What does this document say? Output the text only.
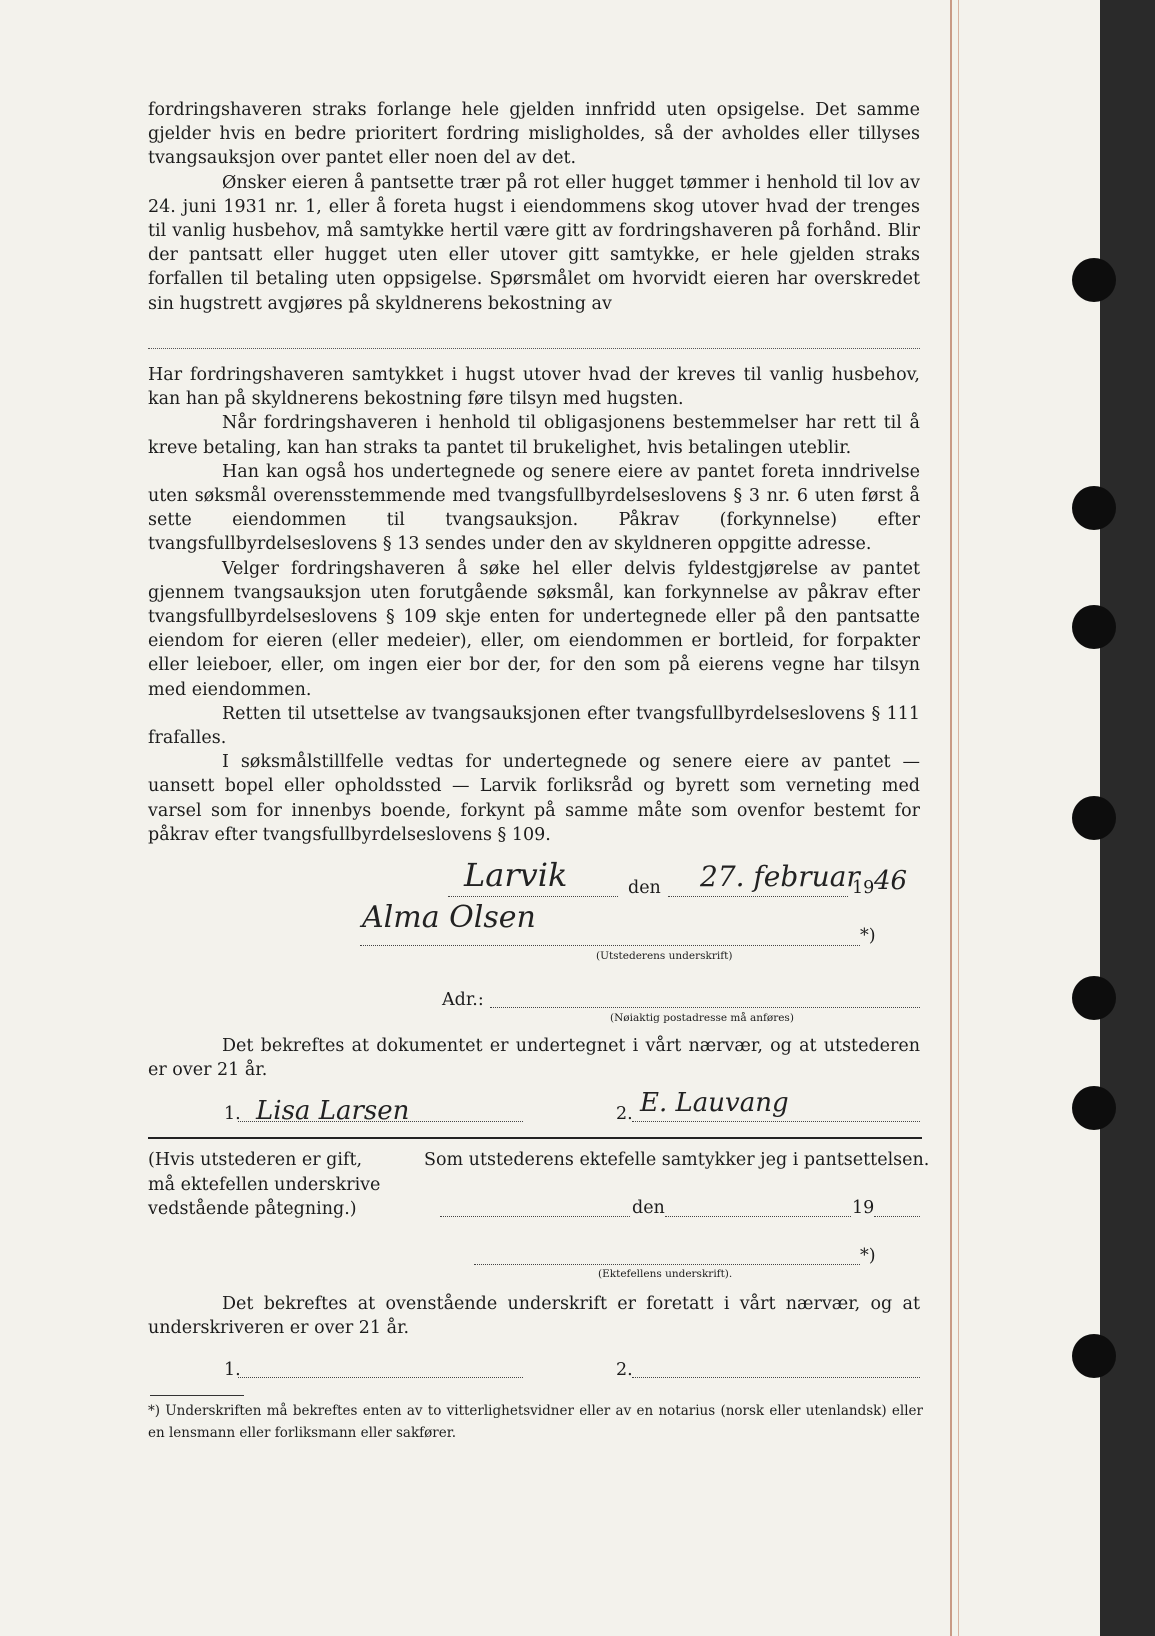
fordringshaveren straks forlange hele gjelden innfridd uten opsigelse. Det samme gjelder hvis en bedre prioritert fordring misligholdes, så der avholdes eller tillyses tvangsauksjon over pantet eller noen del av det.

Ønsker eieren å pantsette trær på rot eller hugget tømmer i henhold til lov av 24. juni 1931 nr. 1, eller å foreta hugst i eiendommens skog utover hvad der trenges til vanlig husbehov, må samtykke hertil være gitt av fordringshaveren på forhånd. Blir der pantsatt eller hugget uten eller utover gitt samtykke, er hele gjelden straks forfallen til betaling uten oppsigelse. Spørsmålet om hvorvidt eieren har overskredet sin hugstrett avgjøres på skyldnerens bekostning av

Har fordringshaveren samtykket i hugst utover hvad der kreves til vanlig husbehov, kan han på skyldnerens bekostning føre tilsyn med hugsten.

Når fordringshaveren i henhold til obligasjonens bestemmelser har rett til å kreve betaling, kan han straks ta pantet til brukelighet, hvis betalingen uteblir.

Han kan også hos undertegnede og senere eiere av pantet foreta inndrivelse uten søksmål overensstemmende med tvangsfullbyrdelseslovens § 3 nr. 6 uten først å sette eiendommen til tvangsauksjon. Påkrav (forkynnelse) efter tvangsfullbyrdelseslovens § 13 sendes under den av skyldneren oppgitte adresse.

Velger fordringshaveren å søke hel eller delvis fyldestgjørelse av pantet gjennem tvangsauksjon uten forutgående søksmål, kan forkynnelse av påkrav efter tvangsfullbyrdelseslovens § 109 skje enten for undertegnede eller på den pantsatte eiendom for eieren (eller medeier), eller, om eiendommen er bortleid, for forpakter eller leieboer, eller, om ingen eier bor der, for den som på eierens vegne har tilsyn med eiendommen.

Retten til utsettelse av tvangsauksjonen efter tvangsfullbyrdelseslovens § 111 frafalles.

I søksmålstillfelle vedtas for undertegnede og senere eiere av pantet — uansett bopel eller opholdssted — Larvik forliksråd og byrett som verneting med varsel som for innenbys boende, forkynt på samme måte som ovenfor bestemt for påkrav efter tvangsfullbyrdelseslovens § 109.

Larvik	den 27. februar
19 46
Alma Olsen
*)
(Utstederens underskrift)
Adr.:
(Nøiaktig postadresse må anføres)

Det bekreftes at dokumentet er undertegnet i vårt nærvær, og at utstederen er over 21 år.

1. Lisa Larsen	2. E. Lauvang
(Hvis utstederen er gift, må ektefellen underskrive vedstående påtegning.)
Som utstederens ektefelle samtykker jeg i pantsettelsen.
den	19
*)
(Ektefellens underskrift).

Det bekreftes at ovenstående underskrift er foretatt i vårt nærvær, og at underskriveren er over 21 år.

1.	2.

*) Underskriften må bekreftes enten av to vitterlighetsvidner eller av en notarius (norsk eller utenlandsk) eller en lensmann eller forliksmann eller sakfører.
